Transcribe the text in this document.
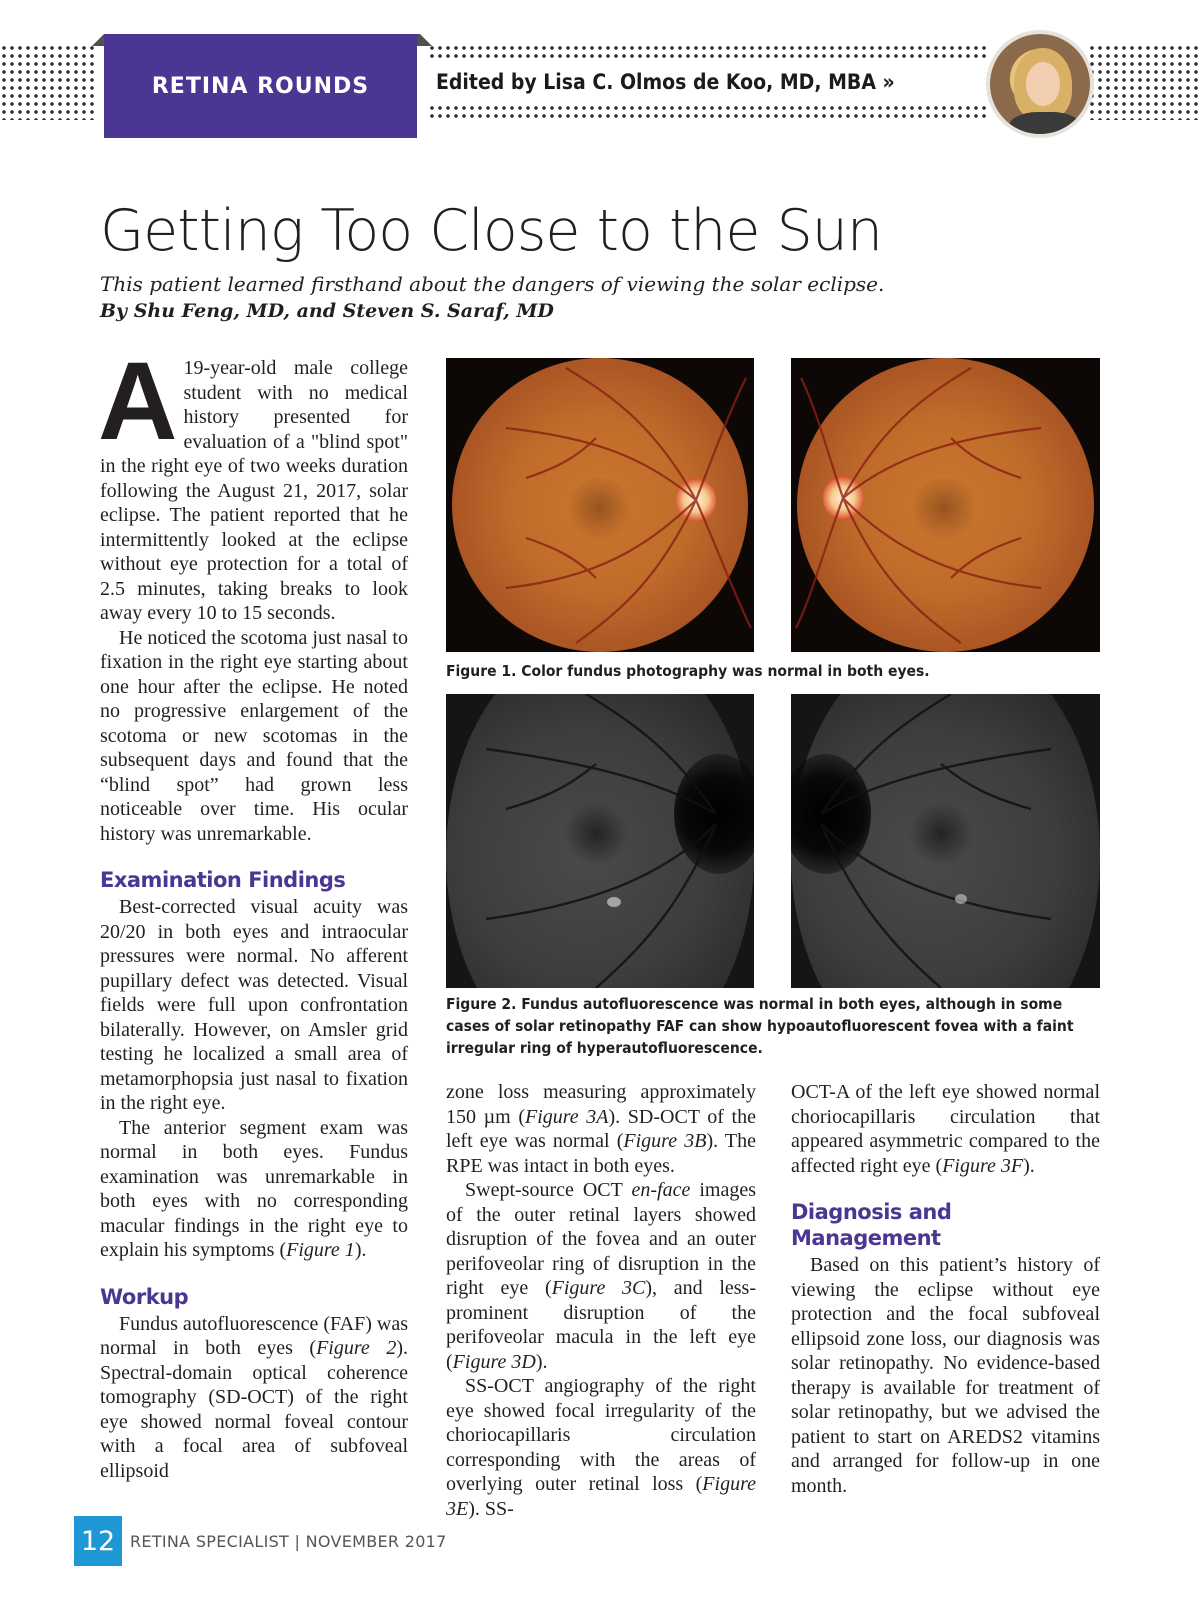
RETINA ROUNDS	Edited by Lisa C. Olmos de Koo, MD, MBA »
Getting Too Close to the Sun
This patient learned firsthand about the dangers of viewing the solar eclipse.
By Shu Feng, MD, and Steven S. Saraf, MD

A 19-year-old male college student with no medical history presented for evaluation of a "blind spot" in the right eye of two weeks duration following the August 21, 2017, solar eclipse. The patient reported that he intermittently looked at the eclipse without eye protection for a total of 2.5 minutes, taking breaks to look away every 10 to 15 seconds.

He noticed the scotoma just nasal to fixation in the right eye starting about one hour after the eclipse. He noted no progressive enlargement of the scotoma or new scotomas in the subsequent days and found that the “blind spot” had grown less noticeable over time. His ocular history was unremarkable.

Examination Findings

Best-corrected visual acuity was 20/20 in both eyes and intraocular pressures were normal. No afferent pupillary defect was detected. Visual fields were full upon confrontation bilaterally. However, on Amsler grid testing he localized a small area of metamorphopsia just nasal to fixation in the right eye.

The anterior segment exam was normal in both eyes. Fundus examination was unremarkable in both eyes with no corresponding macular findings in the right eye to explain his symptoms (Figure 1).

Workup

Fundus autofluorescence (FAF) was normal in both eyes (Figure 2). Spectral-domain optical coherence tomography (SD-OCT) of the right eye showed normal foveal contour with a focal area of subfoveal ellipsoid

Figure 1. Color fundus photography was normal in both eyes.
Figure 2. Fundus autofluorescence was normal in both eyes, although in some cases of solar retinopathy FAF can show hypoautofluorescent fovea with a faint irregular ring of hyperautofluorescence.

zone loss measuring approximately 150 µm (Figure 3A). SD-OCT of the left eye was normal (Figure 3B). The RPE was intact in both eyes.

Swept-source OCT en-face images of the outer retinal layers showed disruption of the fovea and an outer perifoveolar ring of disruption in the right eye (Figure 3C), and less-prominent disruption of the perifoveolar macula in the left eye (Figure 3D).

SS-OCT angiography of the right eye showed focal irregularity of the choriocapillaris circulation corresponding with the areas of overlying outer retinal loss (Figure 3E). SS-

OCT-A of the left eye showed normal choriocapillaris circulation that appeared asymmetric compared to the affected right eye (Figure 3F).

Diagnosis and Management

Based on this patient’s history of viewing the eclipse without eye protection and the focal subfoveal ellipsoid zone loss, our diagnosis was solar retinopathy. No evidence-based therapy is available for treatment of solar retinopathy, but we advised the patient to start on AREDS2 vitamins and arranged for follow-up in one month.

12 RETINA SPECIALIST | NOVEMBER 2017
